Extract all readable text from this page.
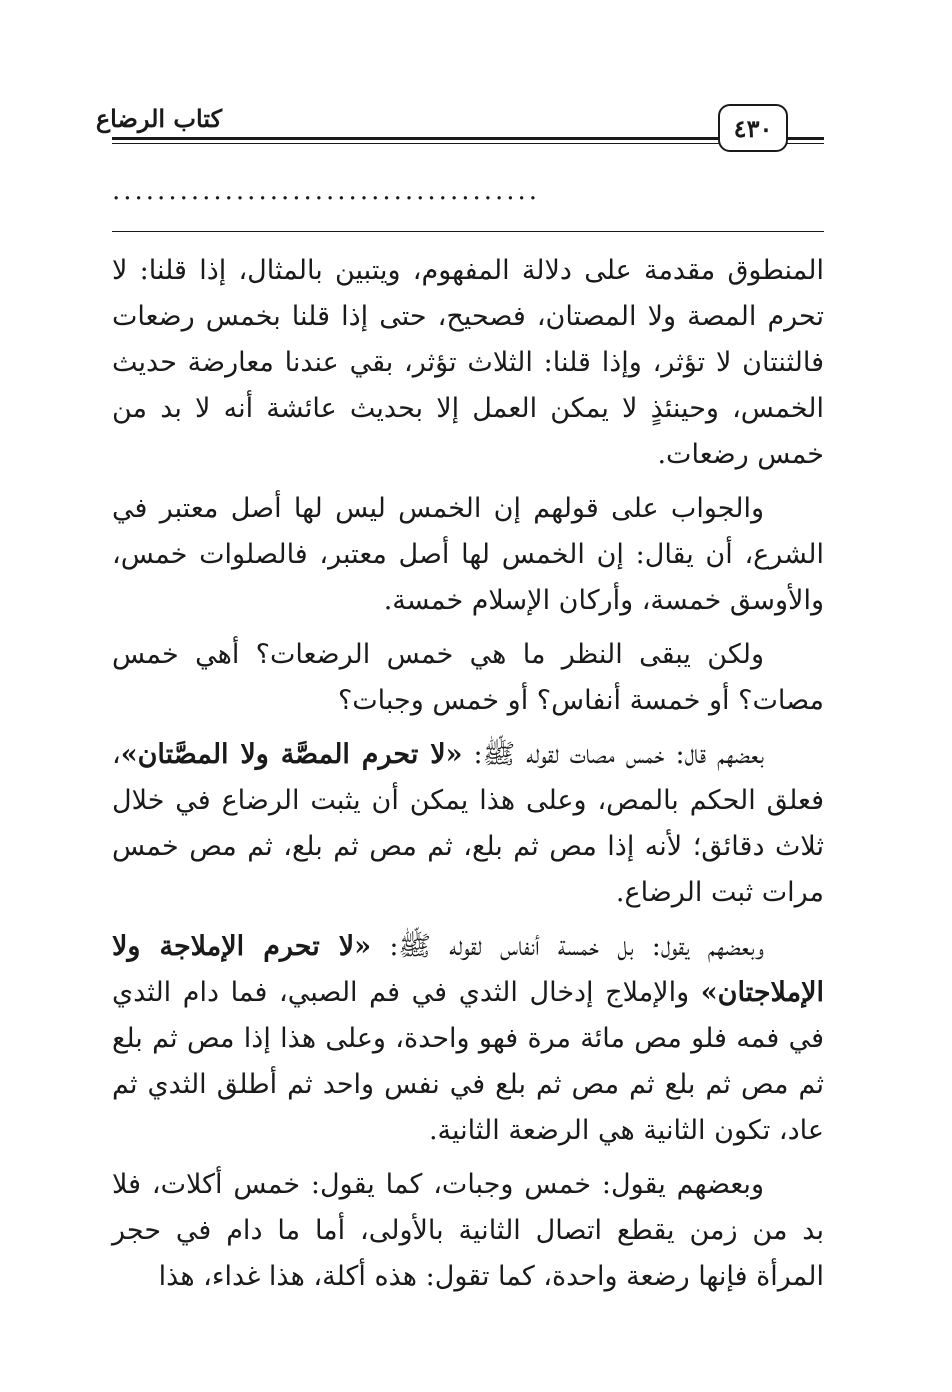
٤٣٠
كتاب الرضاع
......................................

المنطوق مقدمة على دلالة المفهوم، ويتبين بالمثال، إذا قلنا: لا تحرم المصة ولا المصتان، فصحيح، حتى إذا قلنا بخمس رضعات فالثنتان لا تؤثر، وإذا قلنا: الثلاث تؤثر، بقي عندنا معارضة حديث الخمس، وحينئذٍ لا يمكن العمل إلا بحديث عائشة أنه لا بد من خمس رضعات.

والجواب على قولهم إن الخمس ليس لها أصل معتبر في الشرع، أن يقال: إن الخمس لها أصل معتبر، فالصلوات خمس، والأوسق خمسة، وأركان الإسلام خمسة.

ولكن يبقى النظر ما هي خمس الرضعات؟ أهي خمس مصات؟ أو خمسة أنفاس؟ أو خمس وجبات؟

بعضهم قال: خمس مصات لقوله ﷺ: «لا تحرم المصَّة ولا المصَّتان»، فعلق الحكم بالمص، وعلى هذا يمكن أن يثبت الرضاع في خلال ثلاث دقائق؛ لأنه إذا مص ثم بلع، ثم مص ثم بلع، ثم مص خمس مرات ثبت الرضاع.

وبعضهم يقول: بل خمسة أنفاس لقوله ﷺ: «لا تحرم الإملاجة ولا الإملاجتان» والإملاج إدخال الثدي في فم الصبي، فما دام الثدي في فمه فلو مص مائة مرة فهو واحدة، وعلى هذا إذا مص ثم بلع ثم مص ثم بلع ثم مص ثم بلع في نفس واحد ثم أطلق الثدي ثم عاد، تكون الثانية هي الرضعة الثانية.

وبعضهم يقول: خمس وجبات، كما يقول: خمس أكلات، فلا بد من زمن يقطع اتصال الثانية بالأولى، أما ما دام في حجر المرأة فإنها رضعة واحدة، كما تقول: هذه أكلة، هذا غداء، هذا
